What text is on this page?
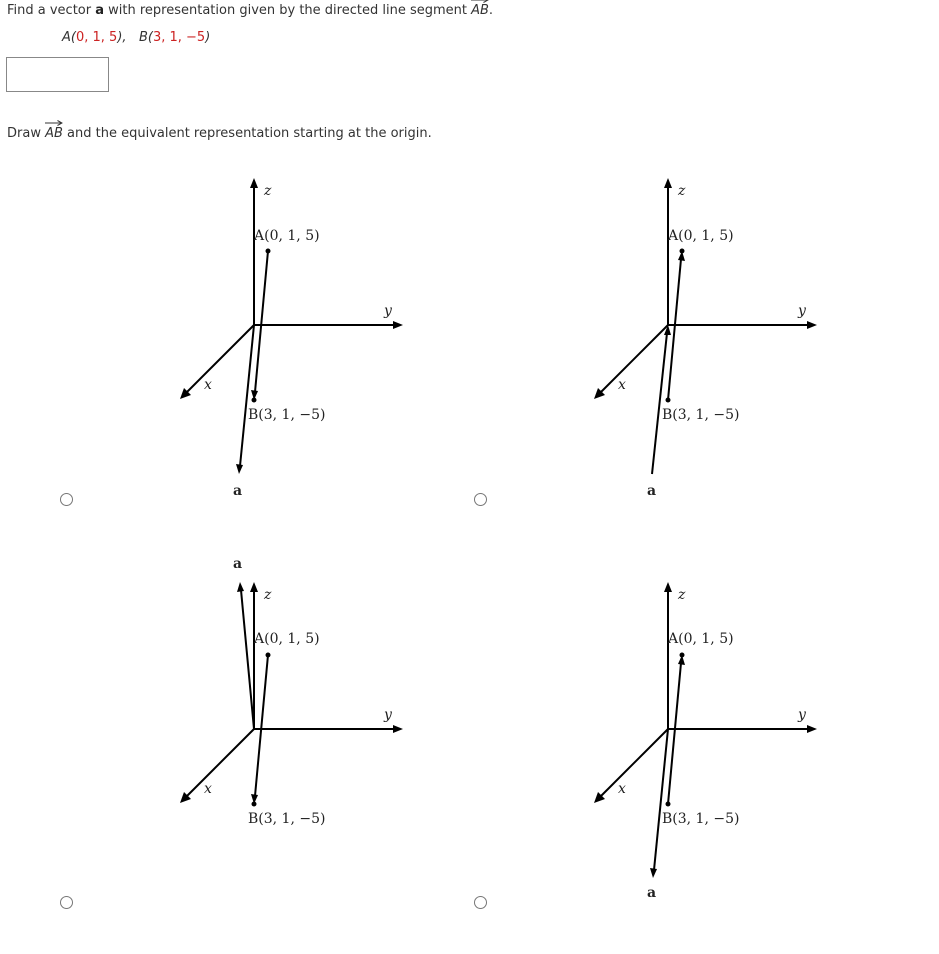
Find a vector a with representation given by the directed line segment
AB.
A(0, 1, 5), B(3, 1, −5)
Draw
AB and the equivalent representation starting at the origin.
z
y
x
A(0, 1, 5)
B(3, 1, −5)
a
z
y
x
A(0, 1, 5)
B(3, 1, −5)
a
z
y
x
A(0, 1, 5)
B(3, 1, −5)
a
z
y
x
A(0, 1, 5)
B(3, 1, −5)
a
